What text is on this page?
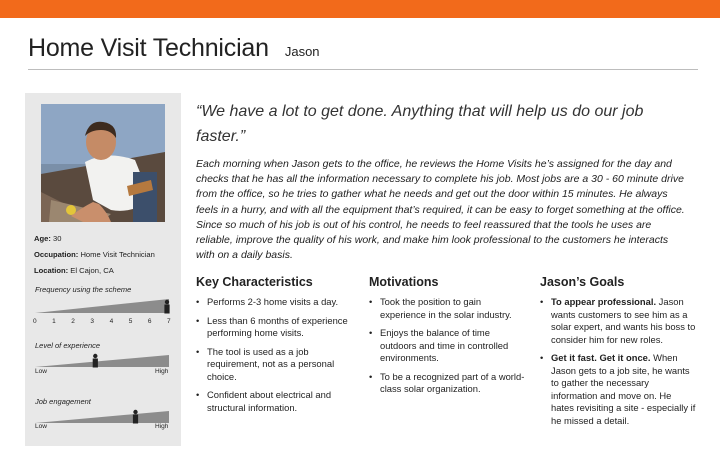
Home Visit Technician Jason
Age: 30
Occupation: Home Visit Technician
Location: El Cajon, CA
Frequency using the scheme
0 1 2 3 4 5 6 7
Level of experience
Low	High
Job engagement
Low	High
“We have a lot to get done. Anything that will help us do our job faster.”
Each morning when Jason gets to the office, he reviews the Home Visits he’s assigned for the day and checks that he has all the information necessary to complete his job. Most jobs are a 30 - 60 minute drive from the office, so he tries to gather what he needs and get out the door within 15 minutes. He always feels in a hurry, and with all the equipment that’s required, it can be easy to forget something at the office. Since so much of his job is out of his control, he needs to feel reassured that the tools he uses are reliable, improve the quality of his work, and make him look professional to the customers he interacts with on a daily basis.
Key Characteristics
• Performs 2-3 home visits a day.
• Less than 6 months of experience performing home visits.
• The tool is used as a job requirement, not as a personal choice.
• Confident about electrical and structural information.
Motivations
• Took the position to gain experience in the solar industry.
• Enjoys the balance of time outdoors and time in controlled environments.
• To be a recognized part of a world-class solar organization.
Jason’s Goals
• To appear professional. Jason wants customers to see him as a solar expert, and wants his boss to consider him for new roles.
• Get it fast. Get it once. When Jason gets to a job site, he wants to gather the necessary information and move on. He hates revisiting a site - especially if he missed a detail.
